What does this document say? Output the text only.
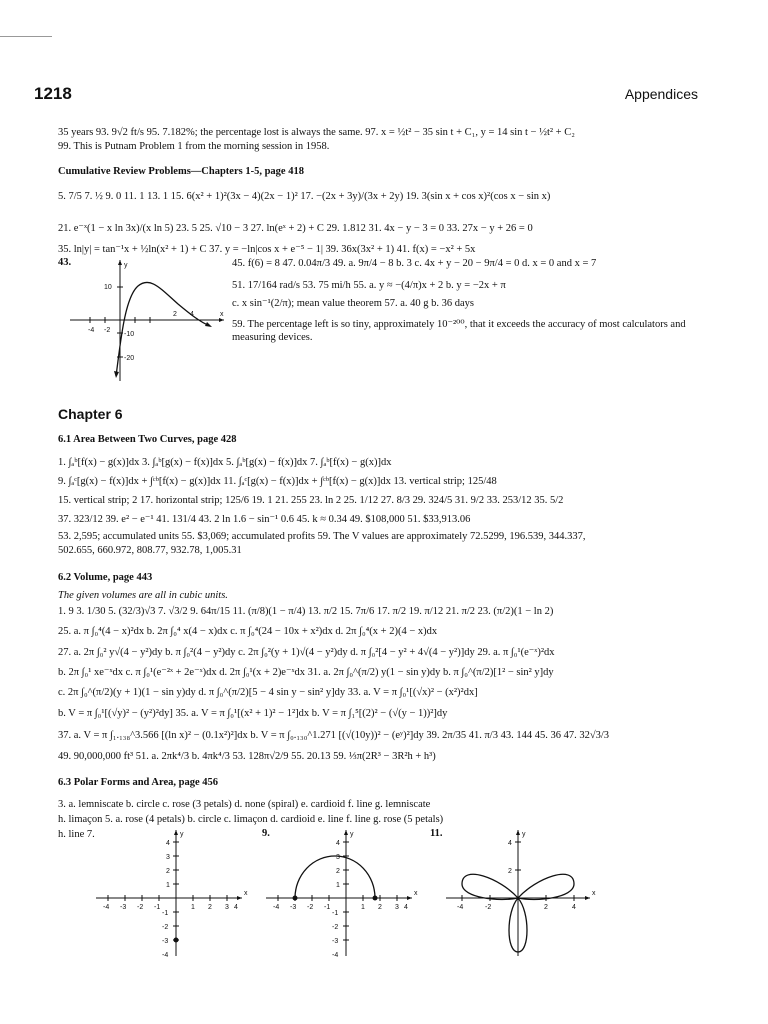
1218	Appendices
35 years 93. 9√2 ft/s 95. 7.182%; the percentage lost is always the same. 97. x = ½t² − 35 sin t + C₁, y = 14 sin t − ½t² + C₂
99. This is Putnam Problem 1 from the morning session in 1958.
Cumulative Review Problems—Chapters 1-5, page 418
5. 7/5 7. ½ 9. 0 11. 1 13. 1 15. 6(x² + 1)²(3x − 4)(2x − 1)² 17. −(2x + 3y)/(3x + 2y) 19. 3(sin x + cos x)²(cos x − sin x)
21. e⁻ˣ(1 − x ln 3x)/(x ln 5) 23. 5 25. √10 − 3 27. ln(eˣ + 2) + C 29. 1.812 31. 4x − y − 3 = 0 33. 27x − y + 26 = 0
35. ln|y| = tan⁻¹x + ½ln(x² + 1) + C 37. y = −ln|cos x + e⁻⁵ − 1| 39. 36x(3x² + 1) 41. f(x) = −x² + 5x
43.
-4 -2
2 4	x
y
10
-10
-20
45. f(6) = 8 47. 0.04π/3 49. a. 9π/4 − 8 b. 3 c. 4x + y − 20 − 9π/4 = 0 d. x = 0 and x = 7
51. 17/164 rad/s 53. 75 mi/h 55. a. y ≈ −(4/π)x + 2 b. y = −2x + π
c. x sin⁻¹(2/π); mean value theorem 57. a. 40 g b. 36 days
59. The percentage left is so tiny, approximately 10⁻²⁰⁰, that it exceeds the accuracy of most calculators and measuring devices.
Chapter 6
6.1 Area Between Two Curves, page 428
1. ∫ₐᵇ[f(x) − g(x)]dx 3. ∫ₐᵇ[g(x) − f(x)]dx 5. ∫ₐᵇ[g(x) − f(x)]dx 7. ∫ₐᵇ[f(x) − g(x)]dx
9. ∫ₐᶜ[g(x) − f(x)]dx + ∫ᶜᵇ[f(x) − g(x)]dx 11. ∫ₐᶜ[g(x) − f(x)]dx + ∫ᶜᵇ[f(x) − g(x)]dx 13. vertical strip; 125/48
15. vertical strip; 2 17. horizontal strip; 125/6 19. 1 21. 255 23. ln 2 25. 1/12 27. 8/3 29. 324/5 31. 9/2 33. 253/12 35. 5/2
37. 323/12 39. e² − e⁻¹ 41. 131/4 43. 2 ln 1.6 − sin⁻¹ 0.6 45. k ≈ 0.34 49. $108,000 51. $33,913.06
53. 2,595; accumulated units 55. $3,069; accumulated profits 59. The V values are approximately 72.5299, 196.539, 344.337,
502.655, 660.972, 808.77, 932.78, 1,005.31
6.2 Volume, page 443
The given volumes are all in cubic units.
1. 9 3. 1/30 5. (32/3)√3 7. √3/2 9. 64π/15 11. (π/8)(1 − π/4) 13. π/2 15. 7π/6 17. π/2 19. π/12 21. π/2 23. (π/2)(1 − ln 2)
25. a. π ∫₀⁴(4 − x)²dx b. 2π ∫₀⁴ x(4 − x)dx c. π ∫₀⁴(24 − 10x + x²)dx d. 2π ∫₀⁴(x + 2)(4 − x)dx
27. a. 2π ∫₀² y√(4 − y²)dy b. π ∫₀²(4 − y²)dy c. 2π ∫₀²(y + 1)√(4 − y²)dy d. π ∫₀²[4 − y² + 4√(4 − y²)]dy 29. a. π ∫₀¹(e⁻ˣ)²dx
b. 2π ∫₀¹ xe⁻ˣdx c. π ∫₀¹(e⁻²ˣ + 2e⁻ˣ)dx d. 2π ∫₀¹(x + 2)e⁻ˣdx 31. a. 2π ∫₀^(π/2) y(1 − sin y)dy b. π ∫₀^(π/2)[1² − sin² y]dy
c. 2π ∫₀^(π/2)(y + 1)(1 − sin y)dy d. π ∫₀^(π/2)[5 − 4 sin y − sin² y]dy 33. a. V = π ∫₀¹[(√x)² − (x²)²dx]
b. V = π ∫₀¹[(√y)² − (y²)²dy] 35. a. V = π ∫₀¹[(x² + 1)² − 1²]dx b. V = π ∫₁⁵[(2)² − (√(y − 1))²]dy
37. a. V = π ∫₁.₁₃₈^3.566 [(ln x)² − (0.1x²)²]dx b. V = π ∫₀.₁₃₀^1.271 [(√(10y))² − (eʸ)²]dy 39. 2π/35 41. π/3 43. 144 45. 36 47. 32√3/3
49. 90,000,000 ft³ 51. a. 2πk⁴/3 b. 4πk⁴/3 53. 128π√2/9 55. 20.13 59. ⅓π(2R³ − 3R²h + h³)
6.3 Polar Forms and Area, page 456
3. a. lemniscate b. circle c. rose (3 petals) d. none (spiral) e. cardioid f. line g. lemniscate
h. limaçon 5. a. rose (4 petals) b. circle c. limaçon d. cardioid e. line f. line g. rose (5 petals)
h. line 7.	9.	11.
x
y
-4 -3 -2 -1	1 2 3 4
4
3
2
1
-1
-2
-3
-4
x
y
-4 -3 -2 -1	1 2 3 4
4
3
2
1
-1
-2
-3
-4
x
y
-4	-2	2	4
4
2
